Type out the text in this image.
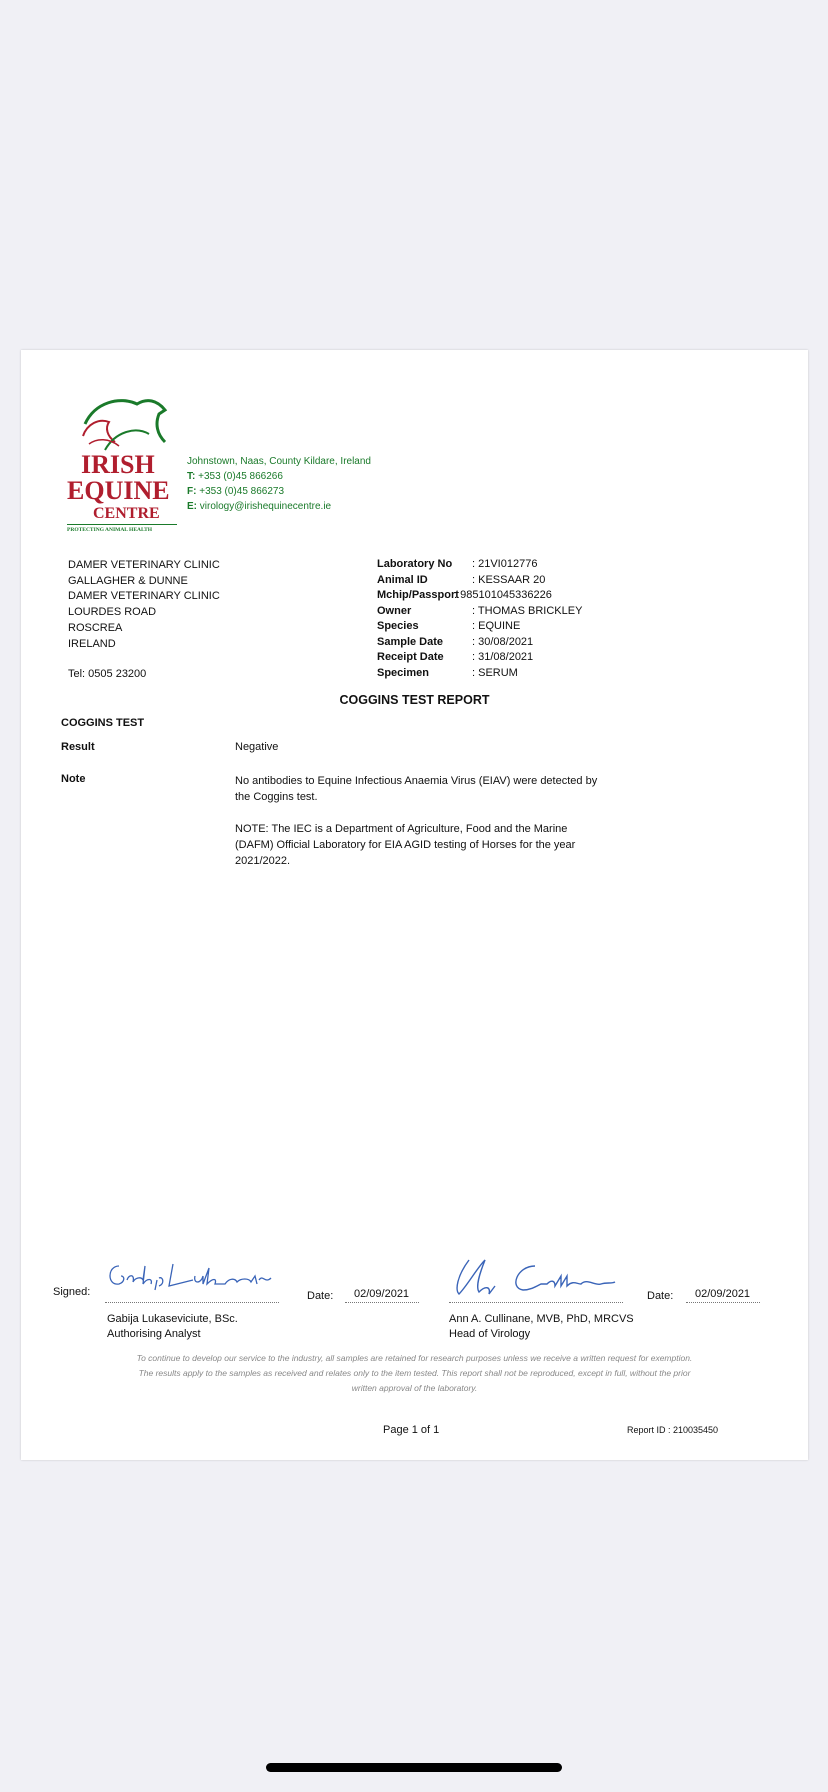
IRISH
EQUINE
CENTRE
PROTECTING ANIMAL HEALTH
Johnstown, Naas, County Kildare, Ireland
T: +353 (0)45 866266
F: +353 (0)45 866273
E: virology@irishequinecentre.ie
DAMER VETERINARY CLINIC
GALLAGHER & DUNNE
DAMER VETERINARY CLINIC
LOURDES ROAD
ROSCREA
IRELAND
Tel: 0505 23200
Laboratory No : 21VI012776
Animal ID	: KESSAAR 20
Mchip/Passport
: 985101045336226
Owner	: THOMAS BRICKLEY
Species	: EQUINE
Sample Date	: 30/08/2021
Receipt Date	: 31/08/2021
Specimen	: SERUM
COGGINS TEST REPORT
COGGINS TEST
Result	Negative
Note	No antibodies to Equine Infectious Anaemia Virus (EIAV) were detected by
the Coggins test.
NOTE: The IEC is a Department of Agriculture, Food and the Marine
(DAFM) Official Laboratory for EIA AGID testing of Horses for the year
2021/2022.
Signed:	Date: 02/09/2021	Date: 02/09/2021
Gabija Lukaseviciute, BSc.
Authorising Analyst
Ann A. Cullinane, MVB, PhD, MRCVS
Head of Virology
To continue to develop our service to the industry, all samples are retained for research purposes unless we receive a written request for exemption.
The results apply to the samples as received and relates only to the item tested. This report shall not be reproduced, except in full, without the prior
written approval of the laboratory.
Page 1 of 1	Report ID : 210035450
